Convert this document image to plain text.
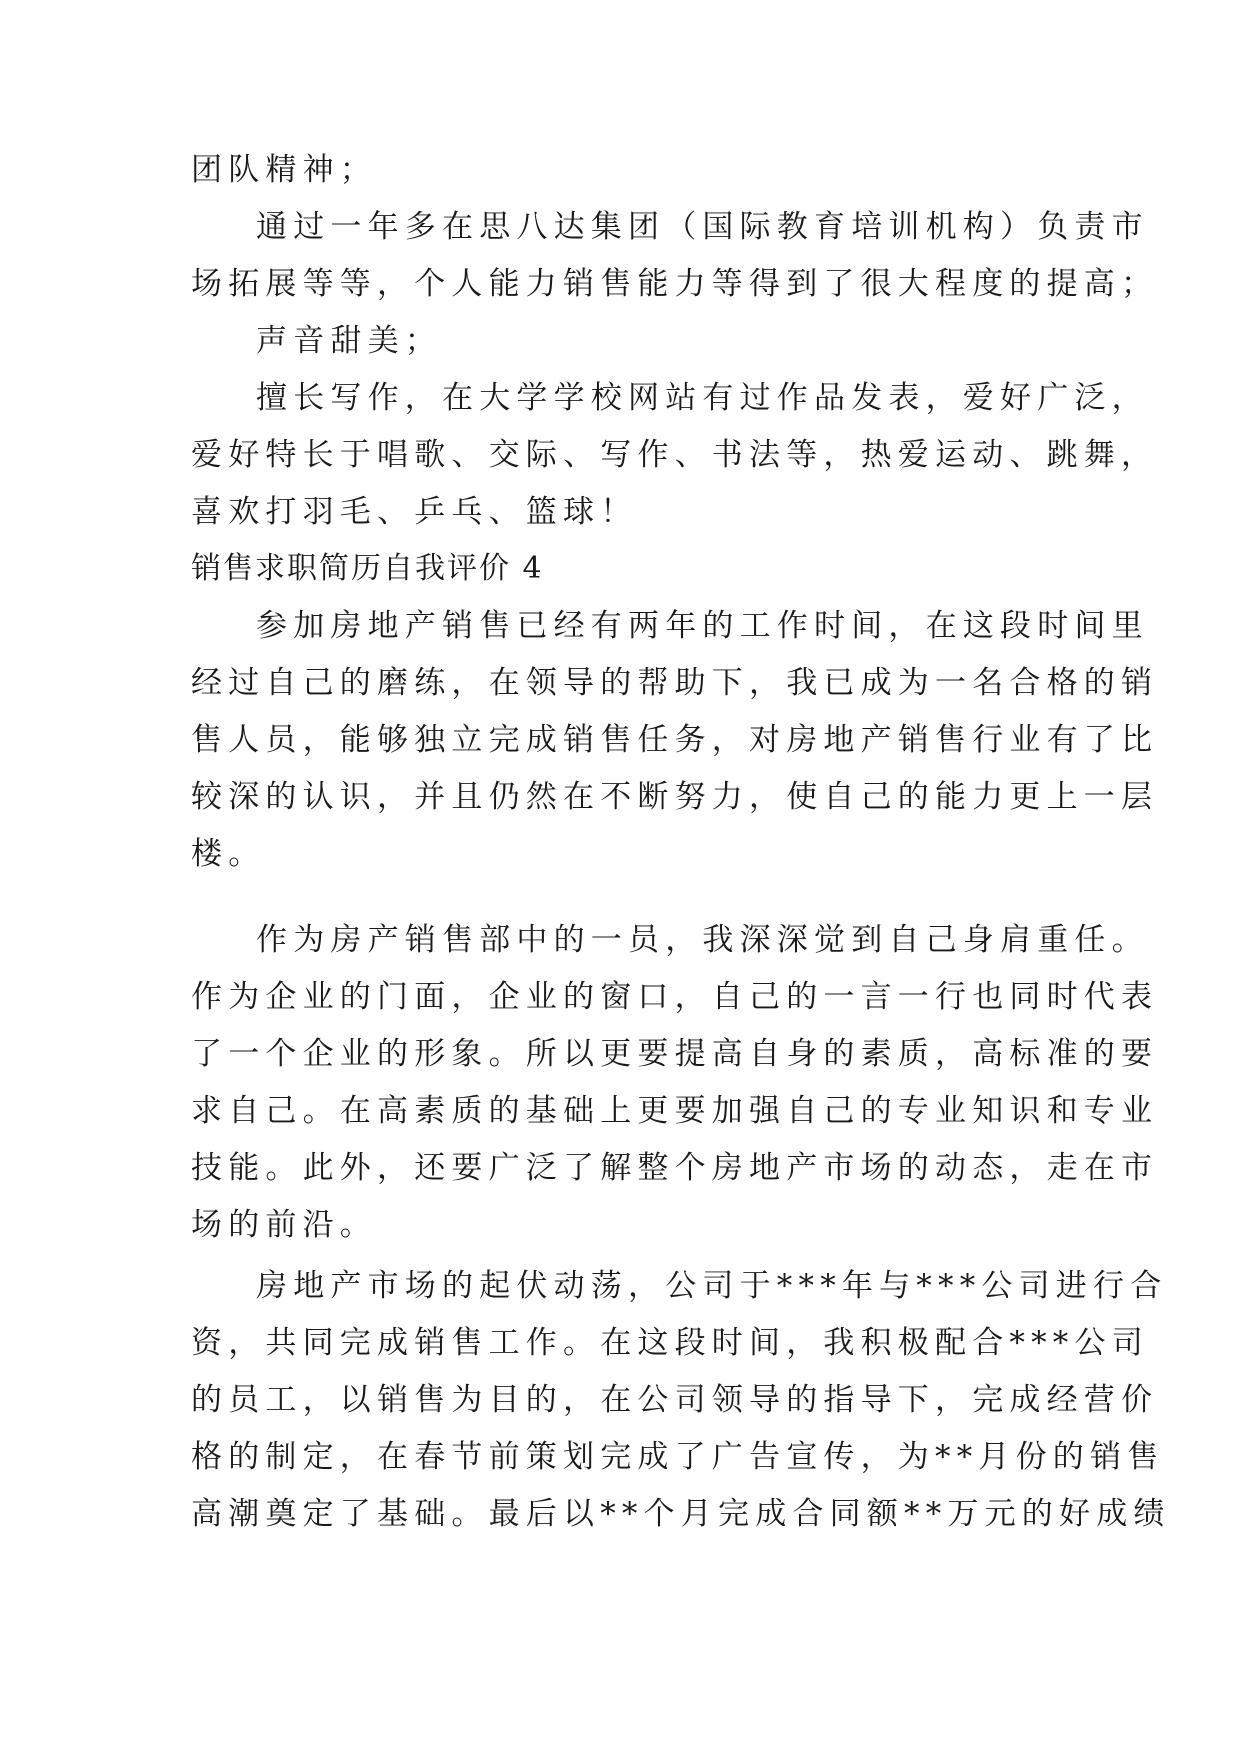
团队精神；
通过一年多在思八达集团（国际教育培训机构）负责市
场拓展等等，个人能力销售能力等得到了很大程度的提高；
声音甜美；
擅长写作，在大学学校网站有过作品发表，爱好广泛，
爱好特长于唱歌、交际、写作、书法等，热爱运动、跳舞，
喜欢打羽毛、乒乓、篮球！
销售求职简历自我评价 4
参加房地产销售已经有两年的工作时间，在这段时间里
经过自己的磨练，在领导的帮助下，我已成为一名合格的销
售人员，能够独立完成销售任务，对房地产销售行业有了比
较深的认识，并且仍然在不断努力，使自己的能力更上一层
楼。
作为房产销售部中的一员，我深深觉到自己身肩重任。
作为企业的门面，企业的窗口，自己的一言一行也同时代表
了一个企业的形象。所以更要提高自身的素质，高标准的要
求自己。在高素质的基础上更要加强自己的专业知识和专业
技能。此外，还要广泛了解整个房地产市场的动态，走在市
场的前沿。
房地产市场的起伏动荡，公司于***年与***公司进行合
资，共同完成销售工作。在这段时间，我积极配合***公司
的员工，以销售为目的，在公司领导的指导下，完成经营价
格的制定，在春节前策划完成了广告宣传，为**月份的销售
高潮奠定了基础。最后以**个月完成合同额**万元的好成绩
